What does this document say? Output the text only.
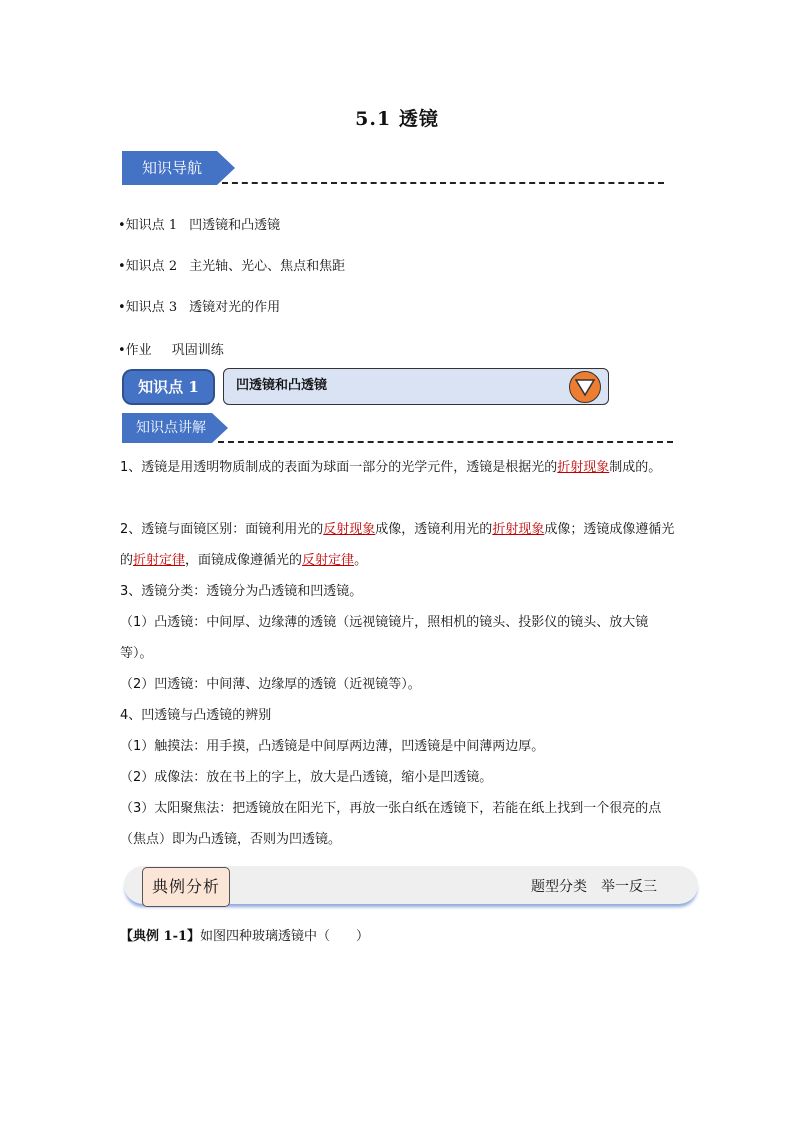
5.1 透镜
知识导航
•知识点 1 凹透镜和凸透镜
•知识点 2 主光轴、光心、焦点和焦距
•知识点 3 透镜对光的作用
•作业 巩固训练
知识点 1	凹透镜和凸透镜
知识点讲解

1、透镜是用透明物质制成的表面为球面一部分的光学元件，透镜是根据光的折射现象制成的。

2、透镜与面镜区别：面镜利用光的反射现象成像，透镜利用光的折射现象成像；透镜成像遵循光的折射定律，面镜成像遵循光的反射定律。

3、透镜分类：透镜分为凸透镜和凹透镜。

（1）凸透镜：中间厚、边缘薄的透镜（远视镜镜片，照相机的镜头、投影仪的镜头、放大镜等）。

（2）凹透镜：中间薄、边缘厚的透镜（近视镜等）。

4、凹透镜与凸透镜的辨别

（1）触摸法：用手摸，凸透镜是中间厚两边薄，凹透镜是中间薄两边厚。

（2）成像法：放在书上的字上，放大是凸透镜，缩小是凹透镜。

（3）太阳聚焦法：把透镜放在阳光下，再放一张白纸在透镜下，若能在纸上找到一个很亮的点（焦点）即为凸透镜，否则为凹透镜。

典例分析	题型分类 举一反三
【典例 1-1】如图四种玻璃透镜中（　　）
